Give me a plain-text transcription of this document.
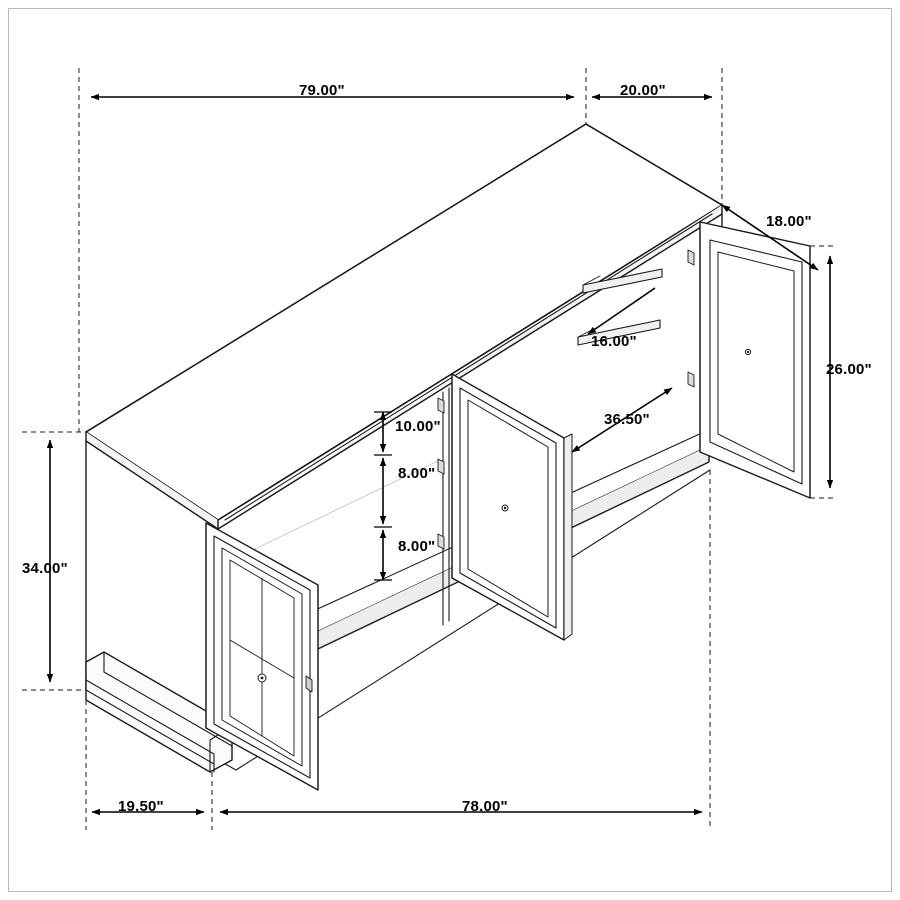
79.00"	20.00"
18.00"
26.00"
16.00"
36.50"
10.00"
8.00"
8.00"
34.00"
19.50"	78.00"
